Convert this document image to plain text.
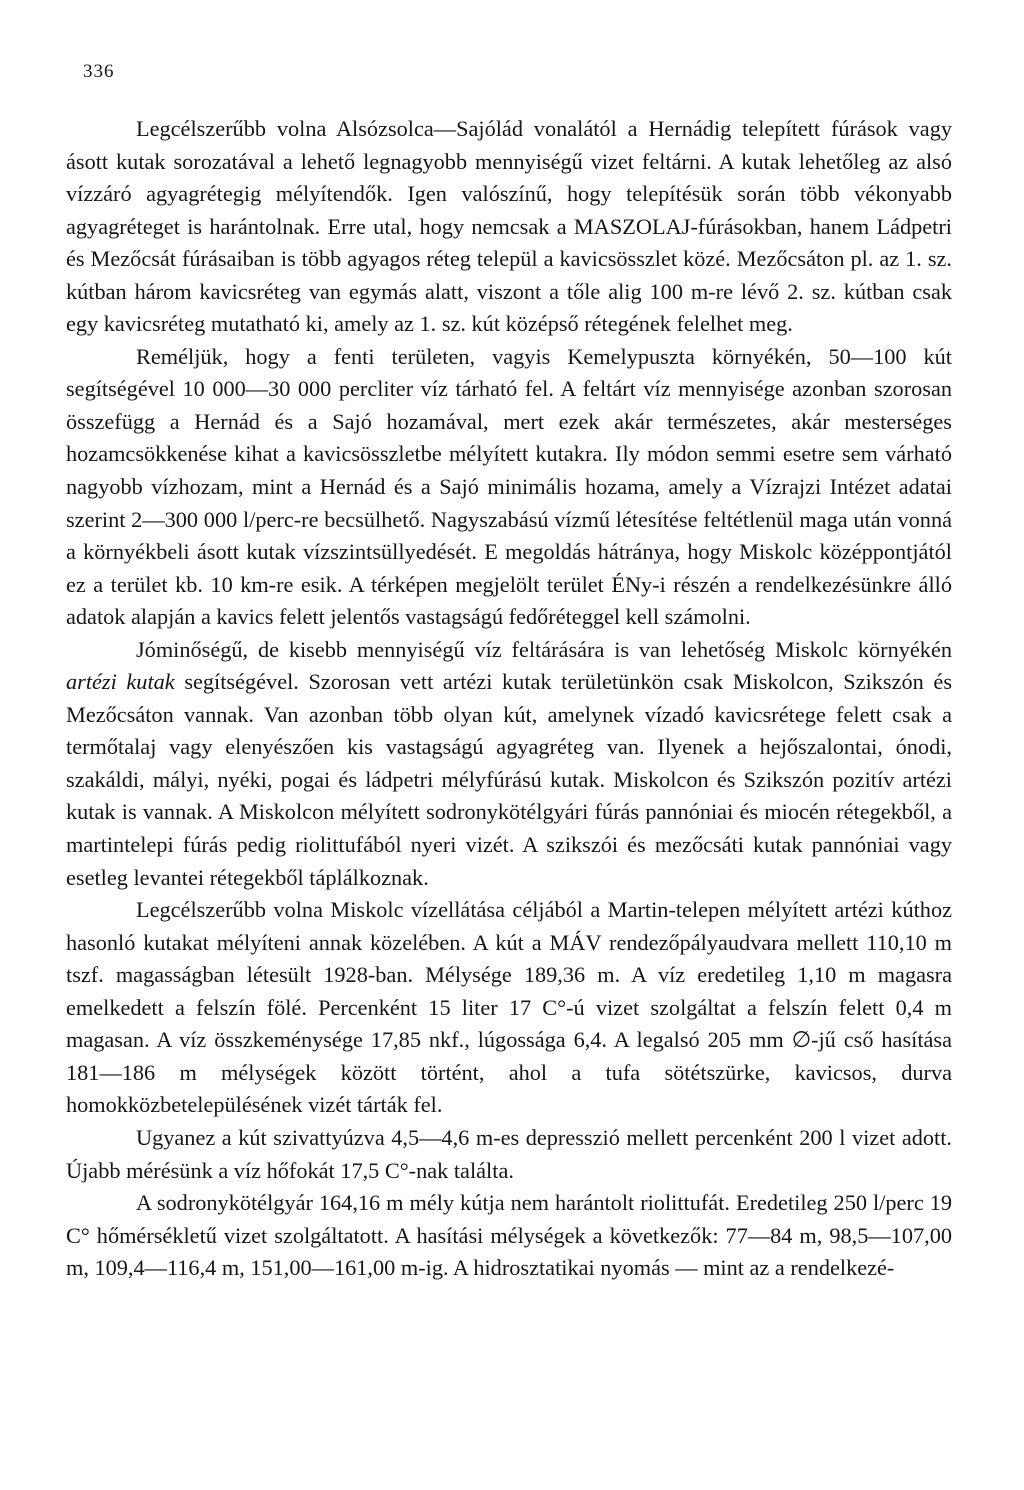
336

Legcélszerűbb volna Alsózsolca—Sajólád vonalától a Hernádig telepített fúrások vagy ásott kutak sorozatával a lehető legnagyobb mennyiségű vizet feltárni. A kutak lehetőleg az alsó vízzáró agyagrétegig mélyítendők. Igen valószínű, hogy telepítésük során több vékonyabb agyagréteget is harántolnak. Erre utal, hogy nemcsak a MASZOLAJ-fúrásokban, hanem Ládpetri és Mezőcsát fúrásaiban is több agyagos réteg települ a kavicsösszlet közé. Mezőcsáton pl. az 1. sz. kútban három kavicsréteg van egymás alatt, viszont a tőle alig 100 m-re lévő 2. sz. kútban csak egy kavicsréteg mutatható ki, amely az 1. sz. kút középső rétegének felelhet meg.

Reméljük, hogy a fenti területen, vagyis Kemelypuszta környékén, 50—100 kút segítségével 10 000—30 000 percliter víz tárható fel. A feltárt víz mennyisége azonban szorosan összefügg a Hernád és a Sajó hozamával, mert ezek akár természetes, akár mesterséges hozamcsökkenése kihat a kavicsösszletbe mélyített kutakra. Ily módon semmi esetre sem várható nagyobb vízhozam, mint a Hernád és a Sajó minimális hozama, amely a Vízrajzi Intézet adatai szerint 2—300 000 l/perc-re becsülhető. Nagyszabású vízmű létesítése feltétlenül maga után vonná a környékbeli ásott kutak vízszintsüllyedését. E megoldás hátránya, hogy Miskolc középpontjától ez a terület kb. 10 km-re esik. A térképen megjelölt terület ÉNy-i részén a rendelkezésünkre álló adatok alapján a kavics felett jelentős vastagságú fedőréteggel kell számolni.

Jóminőségű, de kisebb mennyiségű víz feltárására is van lehetőség Miskolc környékén artézi kutak segítségével. Szorosan vett artézi kutak területünkön csak Miskolcon, Szikszón és Mezőcsáton vannak. Van azonban több olyan kút, amelynek vízadó kavicsrétege felett csak a termőtalaj vagy elenyészően kis vastagságú agyagréteg van. Ilyenek a hejőszalontai, ónodi, szakáldi, mályi, nyéki, pogai és ládpetri mélyfúrású kutak. Miskolcon és Szikszón pozitív artézi kutak is vannak. A Miskolcon mélyített sodronykötélgyári fúrás pannóniai és miocén rétegekből, a martintelepi fúrás pedig riolittufából nyeri vizét. A szikszói és mezőcsáti kutak pannóniai vagy esetleg levantei rétegekből táplálkoznak.

Legcélszerűbb volna Miskolc vízellátása céljából a Martin-telepen mélyített artézi kúthoz hasonló kutakat mélyíteni annak közelében. A kút a MÁV rendezőpályaudvara mellett 110,10 m tszf. magasságban létesült 1928-ban. Mélysége 189,36 m. A víz eredetileg 1,10 m magasra emelkedett a felszín fölé. Percenként 15 liter 17 C°-ú vizet szolgáltat a felszín felett 0,4 m magasan. A víz összkeménysége 17,85 nkf., lúgossága 6,4. A legalsó 205 mm ∅-jű cső hasítása 181—186 m mélységek között történt, ahol a tufa sötétszürke, kavicsos, durva homokközbetelepülésének vizét tárták fel.

Ugyanez a kút szivattyúzva 4,5—4,6 m-es depresszió mellett percenként 200 l vizet adott. Újabb mérésünk a víz hőfokát 17,5 C°-nak találta.

A sodronykötélgyár 164,16 m mély kútja nem harántolt riolittufát. Eredetileg 250 l/perc 19 C° hőmérsékletű vizet szolgáltatott. A hasítási mélységek a következők: 77—84 m, 98,5—107,00 m, 109,4—116,4 m, 151,00—161,00 m-ig. A hidrosztatikai nyomás — mint az a rendelkezé-
